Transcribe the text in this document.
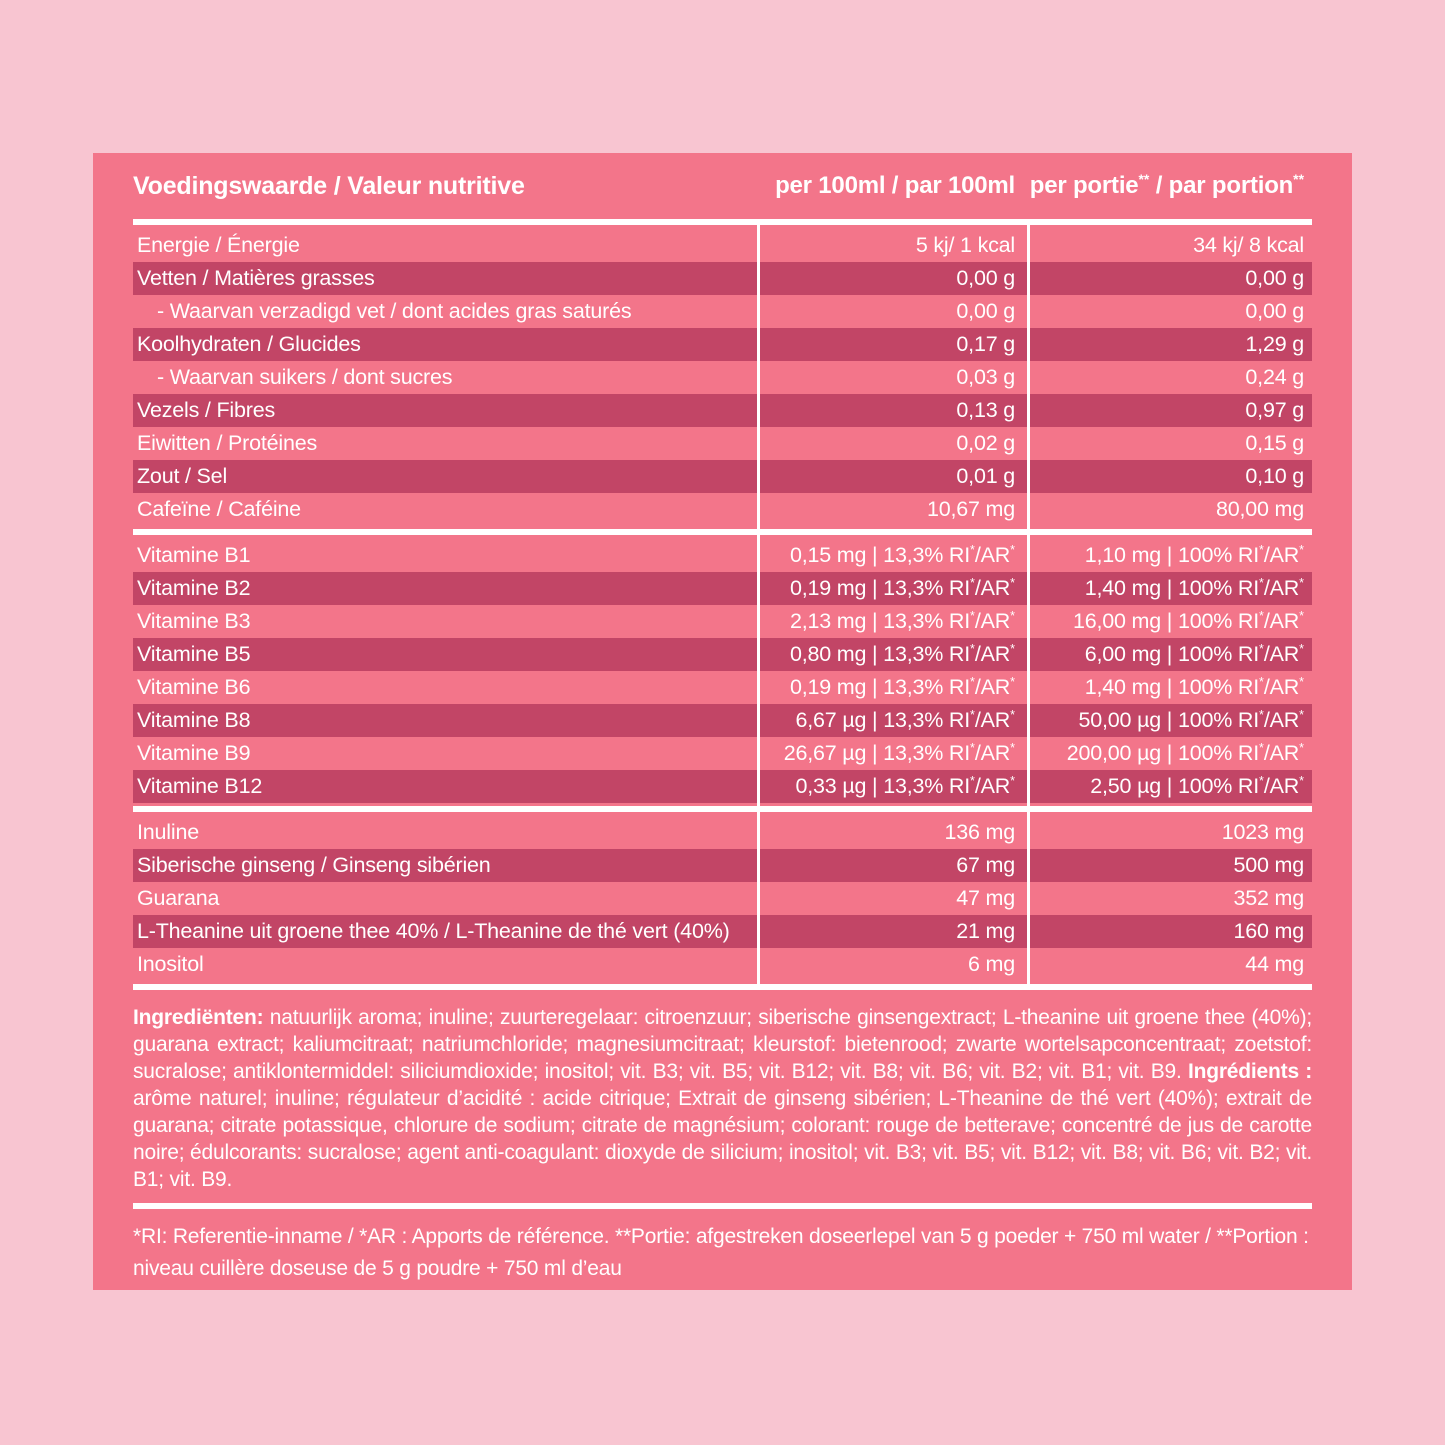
Voedingswaarde / Valeur nutritive	per 100ml / par 100ml per portie** / par portion**
Energie / Énergie	5 kj/ 1 kcal	34 kj/ 8 kcal
Vetten / Matières grasses	0,00 g	0,00 g
- Waarvan verzadigd vet / dont acides gras saturés	0,00 g	0,00 g
Koolhydraten / Glucides	0,17 g	1,29 g
- Waarvan suikers / dont sucres	0,03 g	0,24 g
Vezels / Fibres	0,13 g	0,97 g
Eiwitten / Protéines	0,02 g	0,15 g
Zout / Sel	0,01 g	0,10 g
Cafeïne / Caféine	10,67 mg	80,00 mg
Vitamine B1	0,15 mg | 13,3% RI*/AR*	1,10 mg | 100% RI*/AR*
Vitamine B2	0,19 mg | 13,3% RI*/AR*	1,40 mg | 100% RI*/AR*
Vitamine B3	2,13 mg | 13,3% RI*/AR*	16,00 mg | 100% RI*/AR*
Vitamine B5	0,80 mg | 13,3% RI*/AR*	6,00 mg | 100% RI*/AR*
Vitamine B6	0,19 mg | 13,3% RI*/AR*	1,40 mg | 100% RI*/AR*
Vitamine B8	6,67 µg | 13,3% RI*/AR*	50,00 µg | 100% RI*/AR*
Vitamine B9	26,67 µg | 13,3% RI*/AR*	200,00 µg | 100% RI*/AR*
Vitamine B12	0,33 µg | 13,3% RI*/AR*	2,50 µg | 100% RI*/AR*
Inuline	136 mg	1023 mg
Siberische ginseng / Ginseng sibérien	67 mg	500 mg
Guarana	47 mg	352 mg
L-Theanine uit groene thee 40% / L-Theanine de thé vert (40%)	21 mg	160 mg
Inositol	6 mg	44 mg

Ingrediënten: natuurlijk aroma; inuline; zuurteregelaar: citroenzuur; siberische ginsengextract; L-theanine uit groene thee (40%); guarana extract; kaliumcitraat; natriumchloride; magnesiumcitraat; kleurstof: bietenrood; zwarte wortelsapconcentraat; zoetstof: sucralose; antiklontermiddel: siliciumdioxide; inositol; vit. B3; vit. B5; vit. B12; vit. B8; vit. B6; vit. B2; vit. B1; vit. B9. Ingrédients : arôme naturel; inuline; régulateur d’acidité : acide citrique; Extrait de ginseng sibérien; L-Theanine de thé vert (40%); extrait de guarana; citrate potassique, chlorure de sodium; citrate de magnésium; colorant: rouge de betterave; concentré de jus de carotte noire; édulcorants: sucralose; agent anti-coagulant: dioxyde de silicium; inositol; vit. B3; vit. B5; vit. B12; vit. B8; vit. B6; vit. B2; vit. B1; vit. B9.

*RI: Referentie-inname / *AR : Apports de référence. **Portie: afgestreken doseerlepel van 5 g poeder + 750 ml water / **Portion : niveau cuillère doseuse de 5 g poudre + 750 ml d’eau
